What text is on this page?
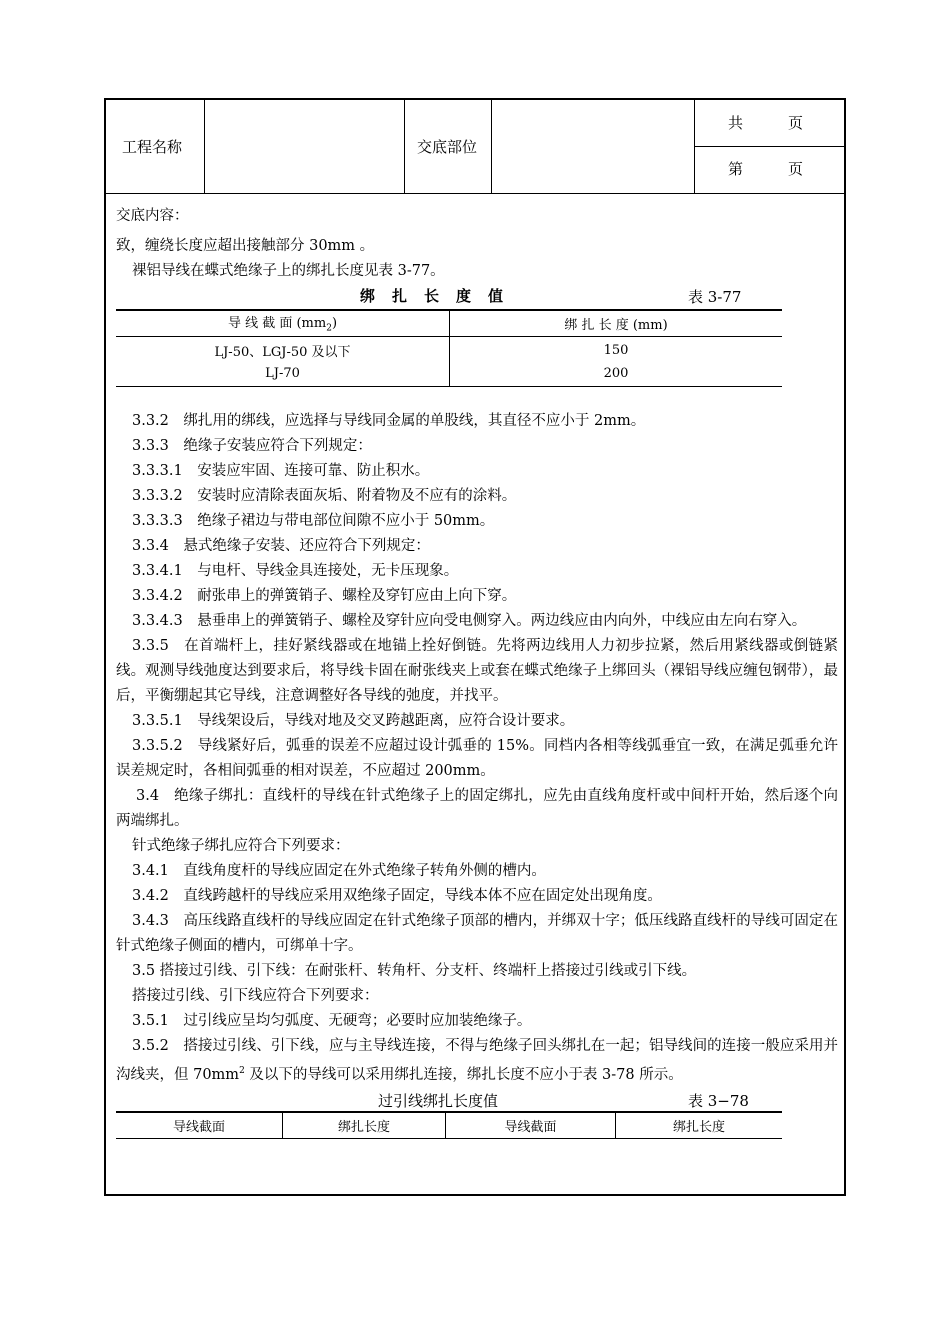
工程名称	交底部位
共　　　页
第　　　页

交底内容：

致，缠绕长度应超出接触部分 30mm 。

裸铝导线在蝶式绝缘子上的绑扎长度见表 3-77。

绑　扎　长　度　值	表 3-77
导 线 截 面 $(mm_2)$	绑 扎 长 度 (mm)
LJ-50、LGJ-50 及以下	150
LJ-70	200

3.3.2　绑扎用的绑线，应选择与导线同金属的单股线，其直径不应小于 2mm。

3.3.3　绝缘子安装应符合下列规定：

3.3.3.1　安装应牢固、连接可靠、防止积水。

3.3.3.2　安装时应清除表面灰垢、附着物及不应有的涂料。

3.3.3.3　绝缘子裙边与带电部位间隙不应小于 50mm。

3.3.4　悬式绝缘子安装、还应符合下列规定：

3.3.4.1　与电杆、导线金具连接处，无卡压现象。

3.3.4.2　耐张串上的弹簧销子、螺栓及穿钉应由上向下穿。

3.3.4.3　悬垂串上的弹簧销子、螺栓及穿针应向受电侧穿入。两边线应由内向外，中线应由左向右穿入。

3.3.5　在首端杆上，挂好紧线器或在地锚上拴好倒链。先将两边线用人力初步拉紧，然后用紧线器或倒链紧线。观测导线弛度达到要求后，将导线卡固在耐张线夹上或套在蝶式绝缘子上绑回头（裸铝导线应缠包钢带），最后，平衡绷起其它导线，注意调整好各导线的弛度，并找平。

3.3.5.1　导线架设后，导线对地及交叉跨越距离，应符合设计要求。

3.3.5.2　导线紧好后，弧垂的误差不应超过设计弧垂的 15%。同档内各相等线弧垂宜一致，在满足弧垂允许误差规定时，各相间弧垂的相对误差，不应超过 200mm。

3.4　绝缘子绑扎：直线杆的导线在针式绝缘子上的固定绑扎，应先由直线角度杆或中间杆开始，然后逐个向两端绑扎。

针式绝缘子绑扎应符合下列要求：

3.4.1　直线角度杆的导线应固定在外式绝缘子转角外侧的槽内。

3.4.2　直线跨越杆的导线应采用双绝缘子固定，导线本体不应在固定处出现角度。

3.4.3　高压线路直线杆的导线应固定在针式绝缘子顶部的槽内，并绑双十字；低压线路直线杆的导线可固定在针式绝缘子侧面的槽内，可绑单十字。

3.5 搭接过引线、引下线：在耐张杆、转角杆、分支杆、终端杆上搭接过引线或引下线。

搭接过引线、引下线应符合下列要求：

3.5.1　过引线应呈均匀弧度、无硬弯；必要时应加装绝缘子。

3.5.2　搭接过引线、引下线，应与主导线连接，不得与绝缘子回头绑扎在一起；铝导线间的连接一般应采用并沟线夹，但 $70mm^2$ 及以下的导线可以采用绑扎连接，绑扎长度不应小于表 3-78 所示。

过引线绑扎长度值	表 3−78
导线截面	绑扎长度	导线截面	绑扎长度
